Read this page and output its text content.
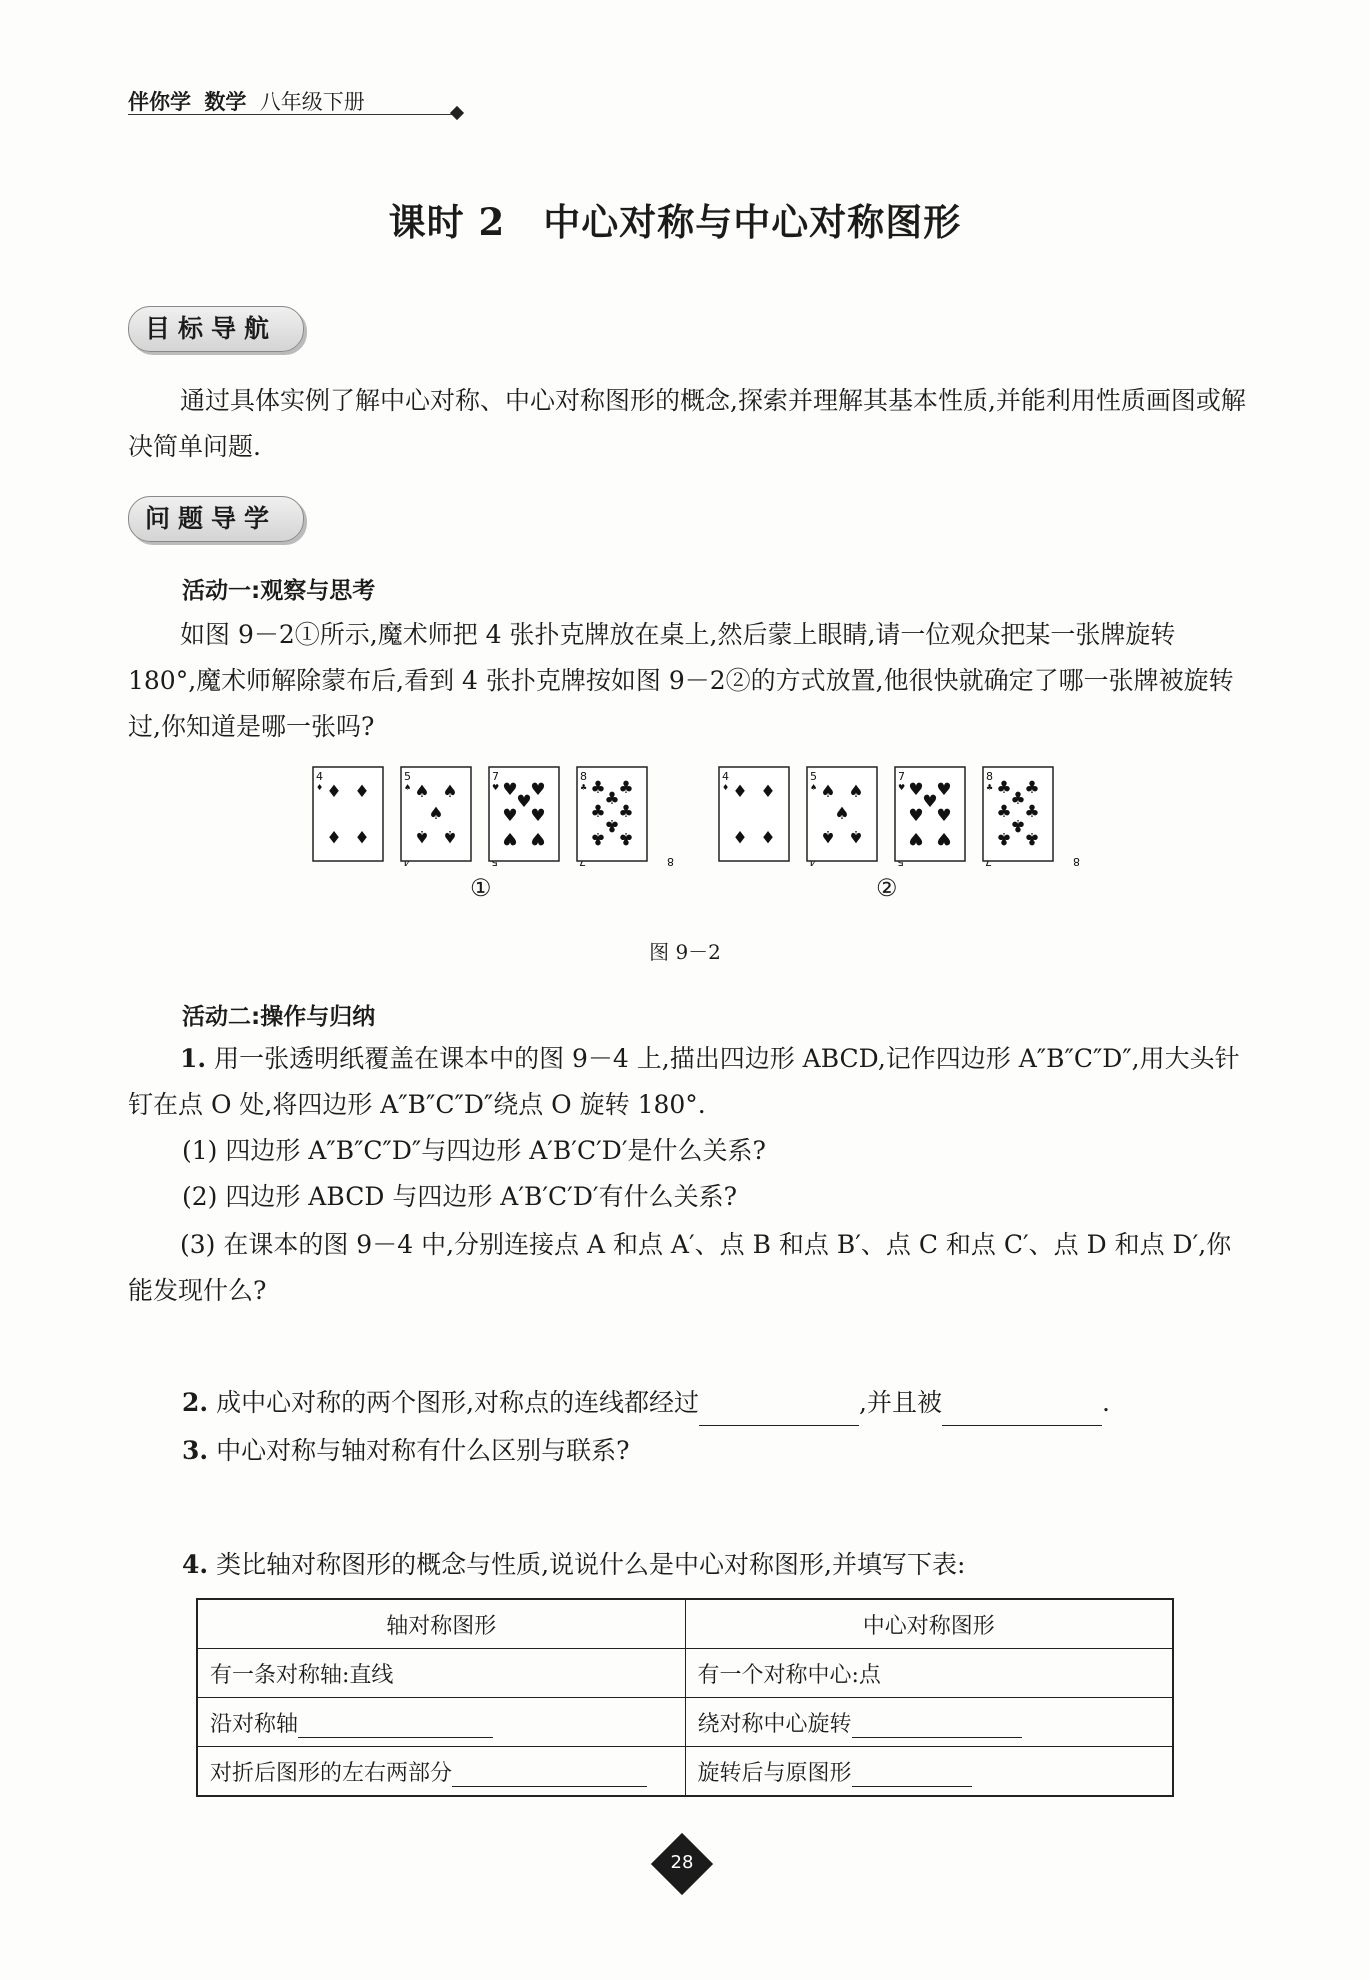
伴你学 数学 八年级下册
课时 2　中心对称与中心对称图形
目标导航
通过具体实例了解中心对称、中心对称图形的概念,探索并理解其基本性质,并能利用性质画图或解决简单问题.
问题导学
活动一:观察与思考
如图 9－2①所示,魔术师把 4 张扑克牌放在桌上,然后蒙上眼睛,请一位观众把某一张牌旋转 180°,魔术师解除蒙布后,看到 4 张扑克牌按如图 9－2②的方式放置,他很快就确定了哪一张牌被旋转过,你知道是哪一张吗?
4
♦ ♦ ♦
♦ ♦
5
♠ ♠ ♠
♠
♠ ♠
7
♥ ♥ ♥
♥
♥ ♥
♥ ♥
8
♣
8
♣ ♣
♣
♣ ♣
♣
♣ ♣
①
4
♦ ♦ ♦
♦ ♦
5
♠ ♠ ♠
♠
♠ ♠
7
♥ ♥ ♥
♥
♥ ♥
♥ ♥
8
♣
8
♣ ♣
♣
♣ ♣
♣
♣ ♣
②
图 9－2
活动二:操作与归纳
1. 用一张透明纸覆盖在课本中的图 9－4 上,描出四边形 ABCD,记作四边形 A″B″C″D″,用大头针钉在点 O 处,将四边形 A″B″C″D″绕点 O 旋转 180°.
(1) 四边形 A″B″C″D″与四边形 A′B′C′D′是什么关系?
(2) 四边形 ABCD 与四边形 A′B′C′D′有什么关系?
(3) 在课本的图 9－4 中,分别连接点 A 和点 A′、点 B 和点 B′、点 C 和点 C′、点 D 和点 D′,你能发现什么?
2. 成中心对称的两个图形,对称点的连线都经过	,并且被	.
3. 中心对称与轴对称有什么区别与联系?
4. 类比轴对称图形的概念与性质,说说什么是中心对称图形,并填写下表:
轴对称图形	中心对称图形
有一条对称轴:直线	有一个对称中心:点
沿对称轴	绕对称中心旋转
对折后图形的左右两部分	旋转后与原图形
28
